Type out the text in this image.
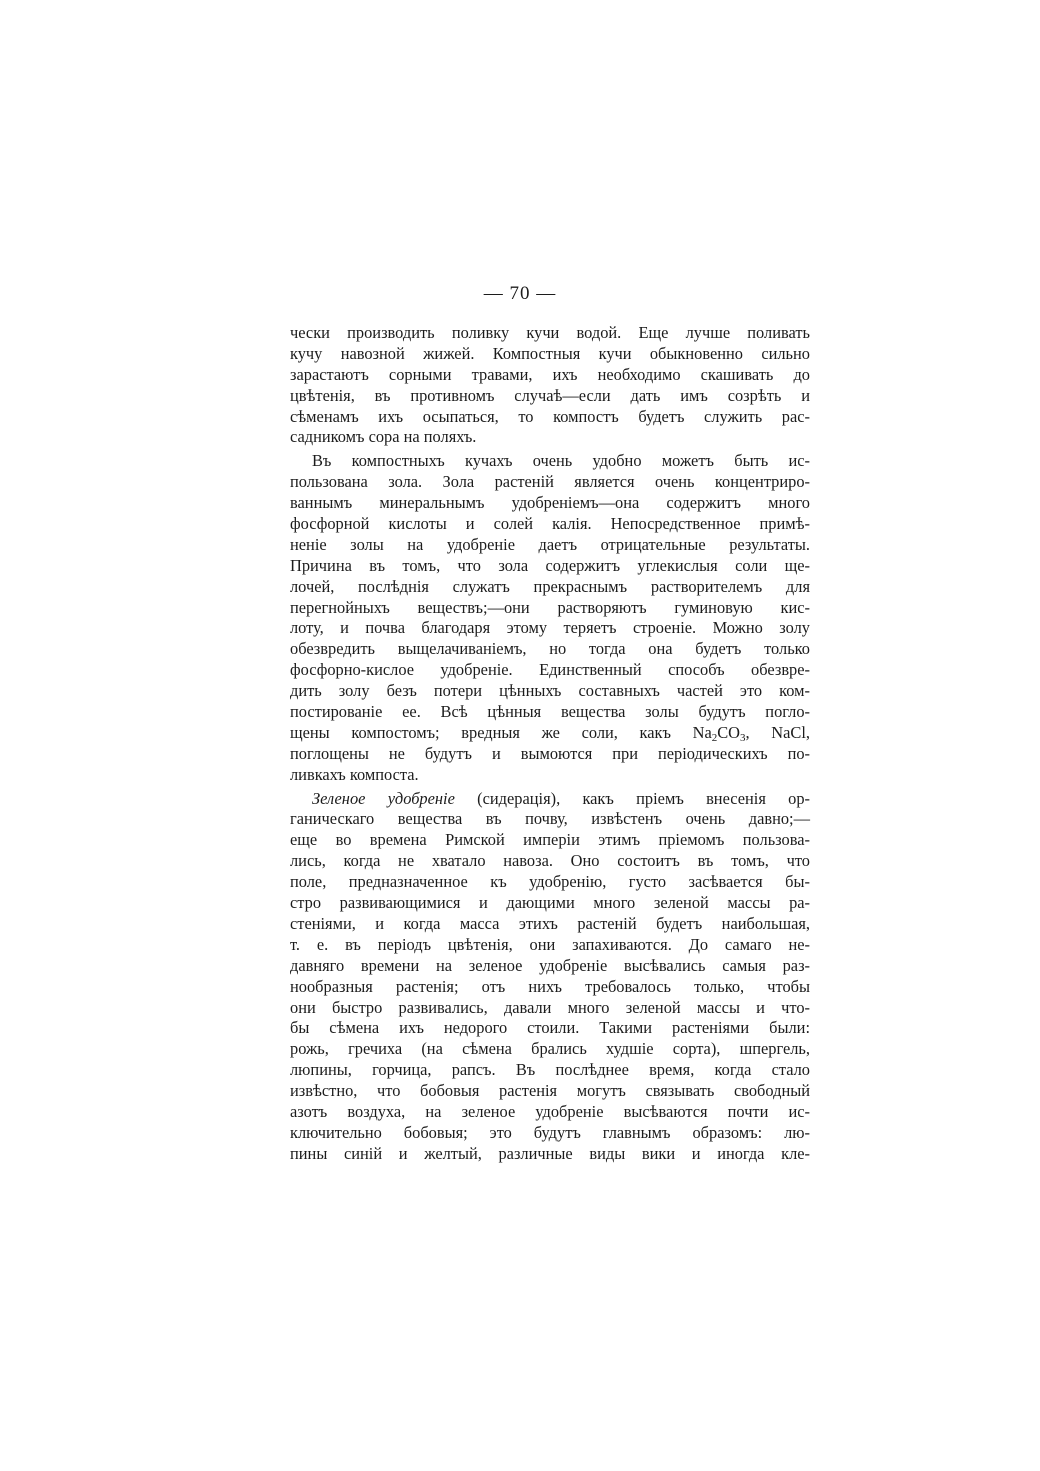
— 70 —
чески производить поливку кучи водой. Еще лучше поливать
кучу навозной жижей. Компостныя кучи обыкновенно сильно
зарастаютъ сорными травами, ихъ необходимо скашивать до
цвѣтенія, въ противномъ случаѣ—если дать имъ созрѣть и
сѣменамъ ихъ осыпаться, то компостъ будетъ служить рас-
садникомъ сора на поляхъ.
Въ компостныхъ кучахъ очень удобно можетъ быть ис-
пользована зола. Зола растеній является очень концентриро-
ваннымъ минеральнымъ удобреніемъ—она содержитъ много
фосфорной кислоты и солей калія. Непосредственное примѣ-
неніе золы на удобреніе даетъ отрицательные результаты.
Причина въ томъ, что зола содержитъ углекислыя соли ще-
лочей, послѣднія служатъ прекраснымъ растворителемъ для
перегнойныхъ веществъ;—они растворяютъ гуминовую кис-
лоту, и почва благодаря этому теряетъ строеніе. Можно золу
обезвредить выщелачиваніемъ, но тогда она будетъ только
фосфорно-кислое удобреніе. Единственный способъ обезвре-
дить золу безъ потери цѣнныхъ составныхъ частей это ком-
постированіе ее. Всѣ цѣнныя вещества золы будутъ погло-
щены компостомъ; вредныя же соли, какъ $Na_2CO_3$, NaCl,
поглощены не будутъ и вымоются при періодическихъ по-
ливкахъ компоста.
Зеленое удобреніе (сидерація), какъ пріемъ внесенія ор-
ганическаго вещества въ почву, извѣстенъ очень давно;—
еще во времена Римской имперіи этимъ пріемомъ пользова-
лись, когда не хватало навоза. Оно состоитъ въ томъ, что
поле, предназначенное къ удобренію, густо засѣвается бы-
стро развивающимися и дающими много зеленой массы ра-
стеніями, и когда масса этихъ растеній будетъ наибольшая,
т. е. въ періодъ цвѣтенія, они запахиваются. До самаго не-
давняго времени на зеленое удобреніе высѣвались самыя раз-
нообразныя растенія; отъ нихъ требовалось только, чтобы
они быстро развивались, давали много зеленой массы и что-
бы сѣмена ихъ недорого стоили. Такими растеніями были:
рожь, гречиха (на сѣмена брались худшіе сорта), шпергель,
люпины, горчица, рапсъ. Въ послѣднее время, когда стало
извѣстно, что бобовыя растенія могутъ связывать свободный
азотъ воздуха, на зеленое удобреніе высѣваются почти ис-
ключительно бобовыя; это будутъ главнымъ образомъ: лю-
пины синій и желтый, различные виды вики и иногда кле-
